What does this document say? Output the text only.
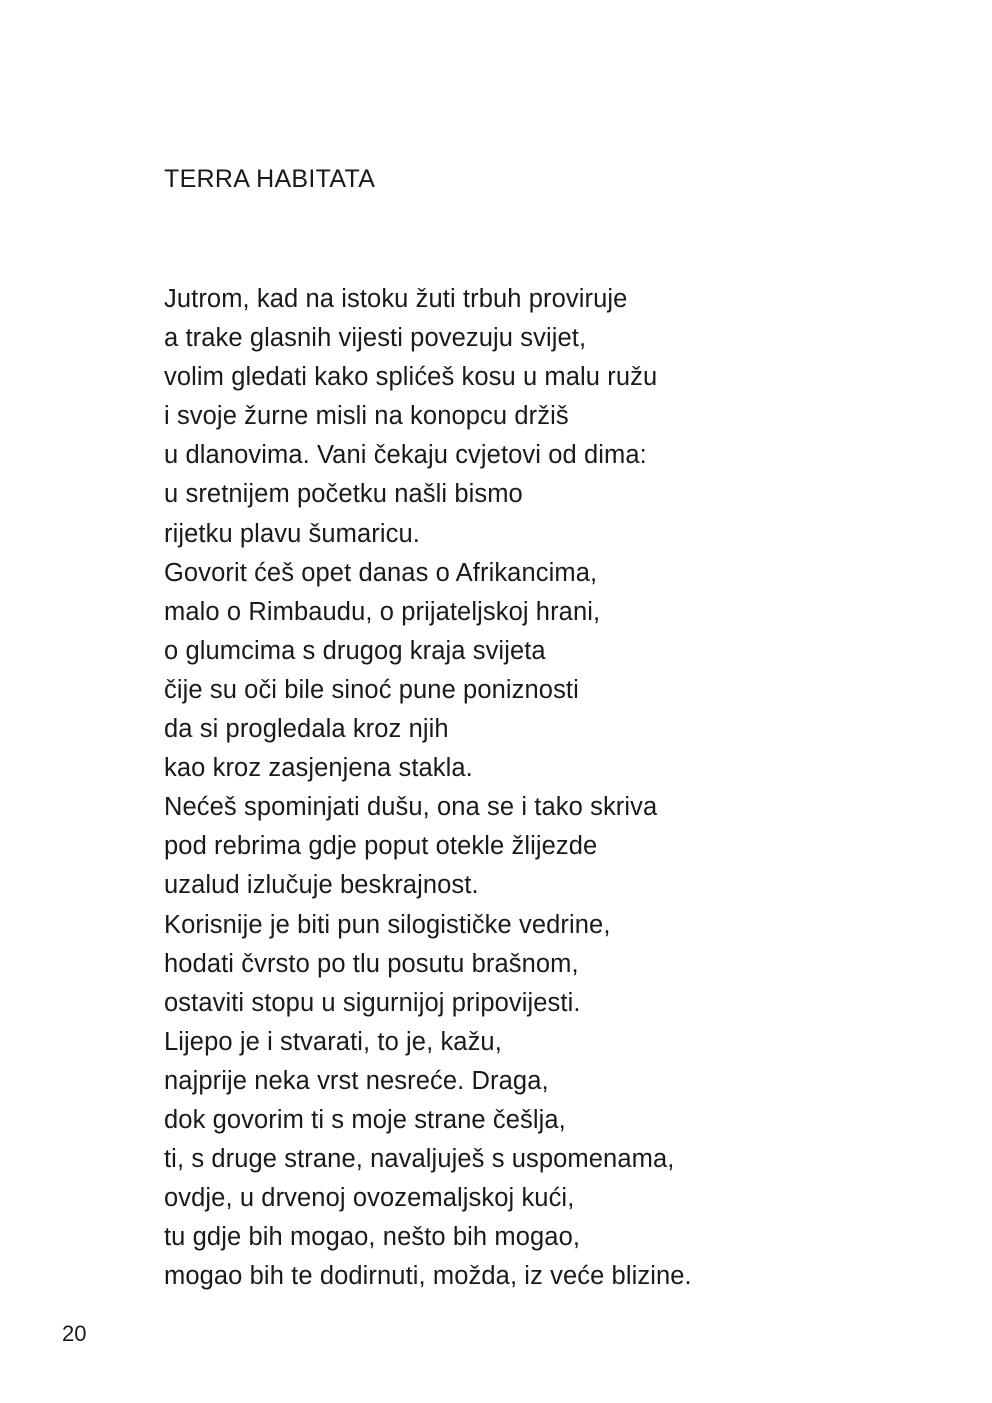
TERRA HABITATA
Jutrom, kad na istoku žuti trbuh proviruje
a trake glasnih vijesti povezuju svijet,
volim gledati kako splićeš kosu u malu ružu
i svoje žurne misli na konopcu držiš
u dlanovima. Vani čekaju cvjetovi od dima:
u sretnijem početku našli bismo
rijetku plavu šumaricu.
Govorit ćeš opet danas o Afrikancima,
malo o Rimbaudu, o prijateljskoj hrani,
o glumcima s drugog kraja svijeta
čije su oči bile sinoć pune poniznosti
da si progledala kroz njih
kao kroz zasjenjena stakla.
Nećeš spominjati dušu, ona se i tako skriva
pod rebrima gdje poput otekle žlijezde
uzalud izlučuje beskrajnost.
Korisnije je biti pun silogističke vedrine,
hodati čvrsto po tlu posutu brašnom,
ostaviti stopu u sigurnijoj pripovijesti.
Lijepo je i stvarati, to je, kažu,
najprije neka vrst nesreće. Draga,
dok govorim ti s moje strane češlja,
ti, s druge strane, navaljuješ s uspomenama,
ovdje, u drvenoj ovozemaljskoj kući,
tu gdje bih mogao, nešto bih mogao,
mogao bih te dodirnuti, možda, iz veće blizine.
20
